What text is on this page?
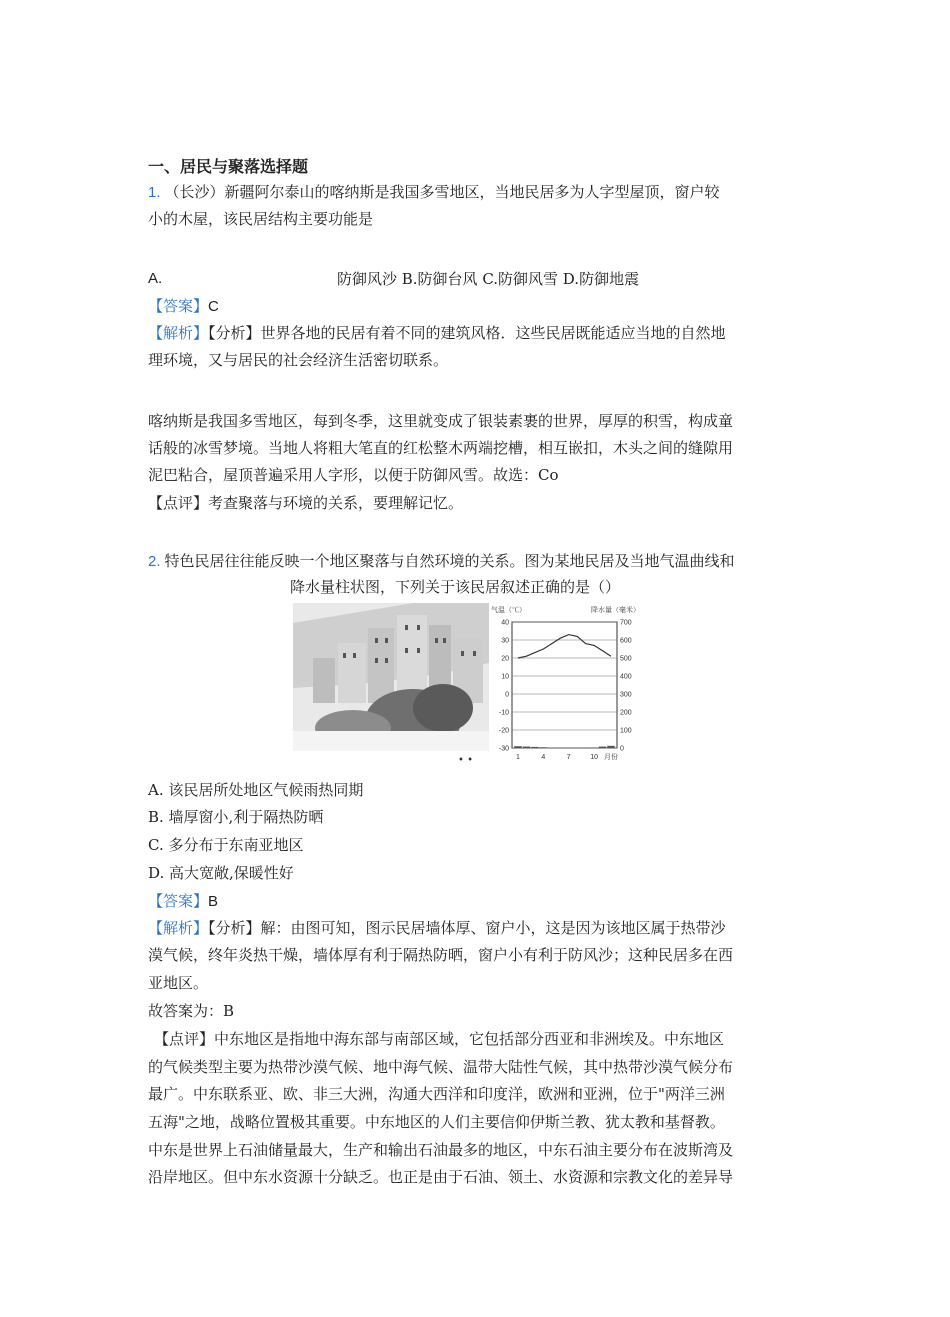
一、居民与聚落选择题
1. （长沙）新疆阿尔泰山的喀纳斯是我国多雪地区，当地民居多为人字型屋顶，窗户较
小的木屋，该民居结构主要功能是
A.	防御风沙 B.防御台风 C.防御风雪 D.防御地震
【答案】C
【解析】【分析】世界各地的民居有着不同的建筑风格．这些民居既能适应当地的自然地
理环境，又与居民的社会经济生活密切联系。
喀纳斯是我国多雪地区，每到冬季，这里就变成了银装素裹的世界，厚厚的积雪，构成童
话般的冰雪梦境。当地人将粗大笔直的红松整木两端挖槽，相互嵌扣，木头之间的缝隙用
泥巴粘合，屋顶普遍采用人字形，以便于防御风雪。故选：Co
【点评】考查聚落与环境的关系，要理解记忆。
2. 特色民居往往能反映一个地区聚落与自然环境的关系。图为某地民居及当地气温曲线和
降水量柱状图，下列关于该民居叙述正确的是（）
气温（℃）	降水量（毫米）
40
30
20
10
0
-10
-20
-30
700
600
500
400
300
200
100
0
1	4	7	10 月份
• •
A. 该民居所处地区气候雨热同期
B. 墙厚窗小,利于隔热防晒
C. 多分布于东南亚地区
D. 高大宽敞,保暖性好
【答案】B
【解析】【分析】解：由图可知，图示民居墙体厚、窗户小，这是因为该地区属于热带沙
漠气候，终年炎热干燥，墙体厚有利于隔热防晒，窗户小有利于防风沙；这种民居多在西
亚地区。
故答案为：B
【点评】中东地区是指地中海东部与南部区域，它包括部分西亚和非洲埃及。中东地区
的气候类型主要为热带沙漠气候、地中海气候、温带大陆性气候，其中热带沙漠气候分布
最广。中东联系亚、欧、非三大洲，沟通大西洋和印度洋，欧洲和亚洲，位于"两洋三洲
五海"之地，战略位置极其重要。中东地区的人们主要信仰伊斯兰教、犹太教和基督教。
中东是世界上石油储量最大，生产和输出石油最多的地区，中东石油主要分布在波斯湾及
沿岸地区。但中东水资源十分缺乏。也正是由于石油、领土、水资源和宗教文化的差异导
